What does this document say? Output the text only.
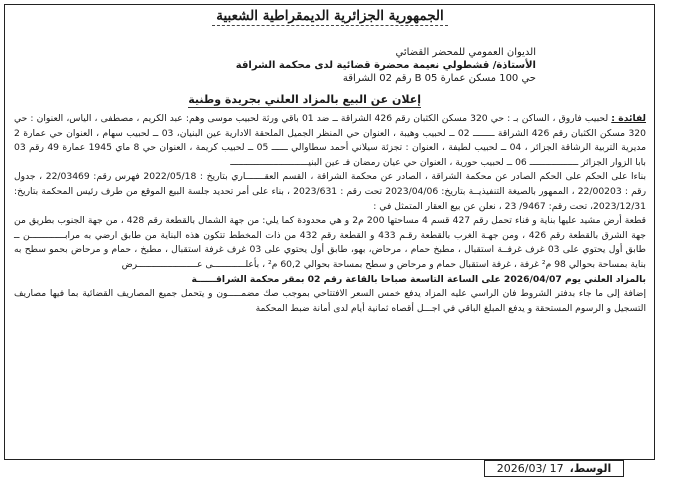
الجمهورية الجزائرية الديمقراطية الشعبية
الديوان العمومي للمحضر القضائي
الأستاذة/ قشطولي نعيمة محضرة قضائية لدى محكمة الشراقة
حي 100 مسكن عمارة 05 B رقم 02 الشراقة
إعلان عن البيع بالمزاد العلني بجريدة وطنية

لفائدة : لحبيب فاروق ، الساكن بـ : حي 320 مسكن الكثبان رقم 426 الشراقة ــ ضد 01 باقي ورثة لحبيب موسى وهم: عبد الكريم ، مصطفى ، الياس، العنوان : حي 320 مسكن الكثبان رقم 426 الشراقة ــــــــ 02 ــ لحبيب وهيبة ، العنوان حي المنظر الجميل الملحقة الادارية عين البنيان، 03 ــ لحبيب سهام ، العنوان حي عمارة 2 مديرية التربية الرشاقة الجزائر ، 04 ــ لحبيب لطيفة ، العنوان : تجزئة سيلاني أحمد سطاوالي ــــــ 05 ــ لحبيب كريمة ، العنوان حي 8 ماي 1945 عمارة 49 رقم 03 بابا الزوار الجزائر ــــــــــــــــــ 06 ــ لحبيب حورية ، العنوان حي عيان رمضان فـ عين البنيـــــــــــــــــــــــــــــ

بناءا على الحكم على الحكم الصادر عن محكمة الشراقة ، الصادر عن محكمة الشراقة ، القسم العقـــــــاري بتاريخ : 2022/05/18 فهرس رقم: 22/03469 ، جدول رقم : 22/00203 ، الممهور بالصيغة التنفيذيــة بتاريخ: 2023/04/06 تحت رقم : 2023/631 ، بناء على أمر تحديد جلسة البيع الموقع من طرف رئيس المحكمة بتاريخ: 2023/12/31، تحت رقم: 9467/ 23 ، نعلن عن بيع العقار المتمثل في :

قطعة أرض مشيد عليها بناية و فناء تحمل رقم 427 قسم 4 مساحتها 200 م2 و هي محدودة كما يلي: من جهة الشمال بالقطعة رقم 428 ، من جهة الجنوب بطريق من جهة الشرق بالقطعة رقم 426 ، ومن جهـة الغرب بالقطعة رقـم 433 و القطعة رقم 432 من ذات المخطط تتكون هذه البناية من طابق ارضي به مرابـــــــــــــن ــ طابق أول يحتوي على 03 غرف غرفــة استقبال ، مطبخ حمام ، مرحاض، بهو، طابق أول يحتوي على 03 غرف غرفة استقبال ، مطبخ ، حمام و مرحاض بحمو سطح به بناية بمساحة بحوالي 98 م² غرفة ، غرفة استقبال حمام و مرحاض و سطح بمساحة بحوالي 60,2 م² ، بأعلــــــــــــى عــــــــــــــــــــــرض

بالمزاد العلني يوم 2026/04/07 على الساعة التاسعة صباحا بالقاعة رقم 02 بمقر محكمة الشراقــــــة

إضافة إلى ما جاء بدفتر الشروط فان الراسي عليه المزاد يدفع خمس السعر الافتتاحي بموجب صك مضمـــــون و يتحمل جميع المصاريف القضائية بما فيها مصاريف التسجيل و الرسوم المستحقة و يدفع المبلغ الباقي في اجـــل أقصاه ثمانية أيام لدى أمانة ضبط المحكمة

2026/03/ 17 الوسط،
